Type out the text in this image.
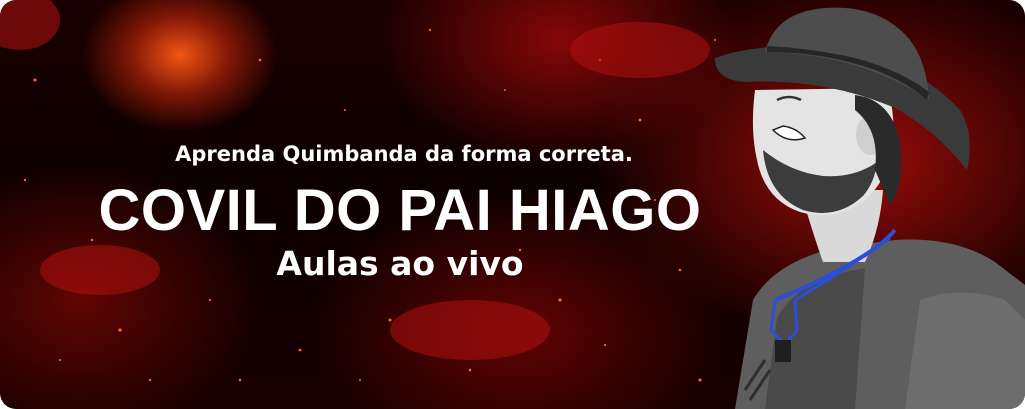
Aprenda Quimbanda da forma correta.
COVIL DO PAI HIAGO
Aulas ao vivo
